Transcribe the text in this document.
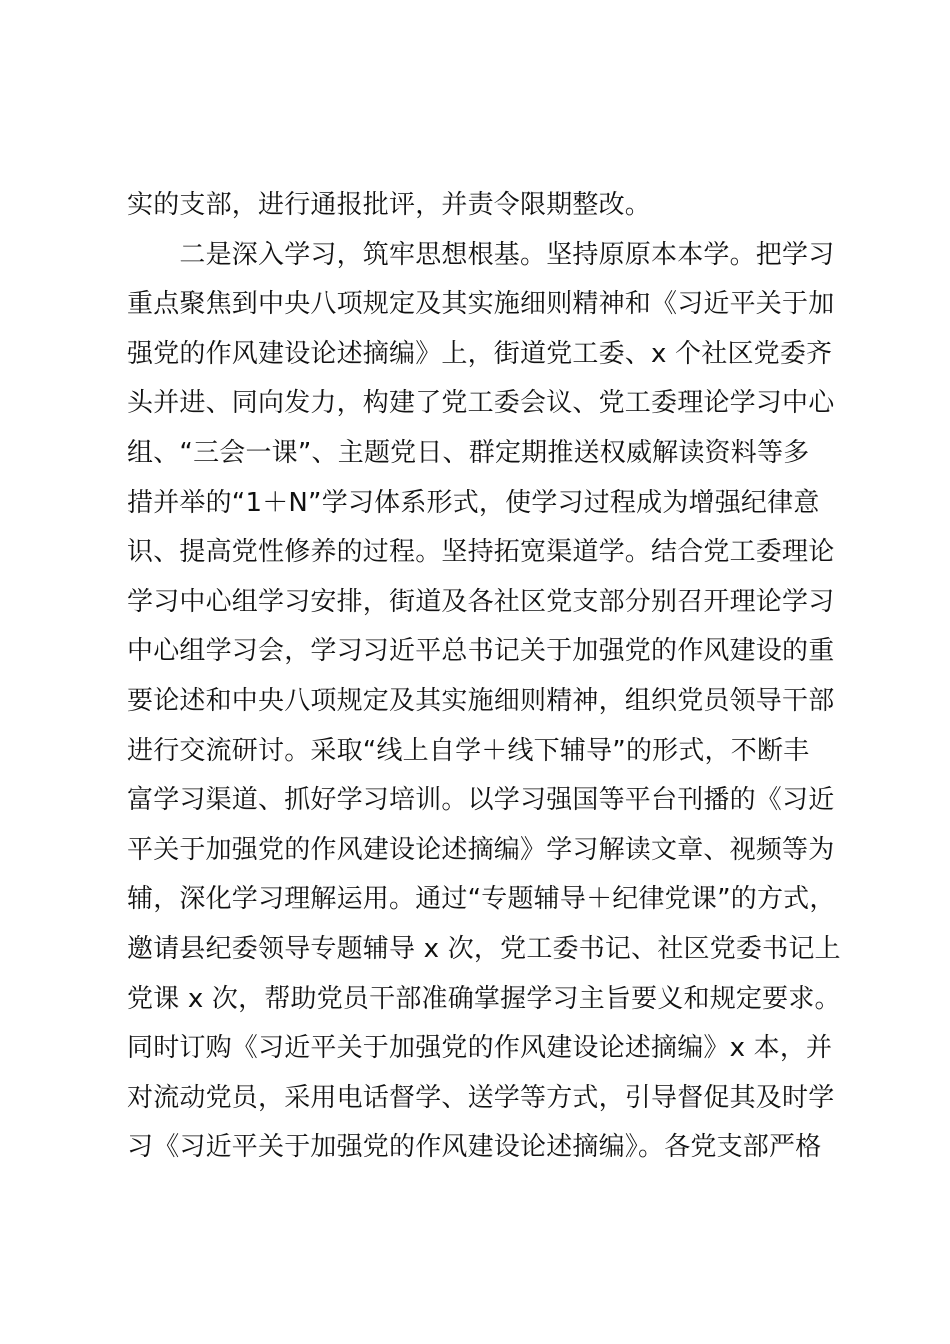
实的支部，进行通报批评，并责令限期整改。
　　二是深入学习，筑牢思想根基。坚持原原本本学。把学习
重点聚焦到中央八项规定及其实施细则精神和《习近平关于加
强党的作风建设论述摘编》上，街道党工委、x 个社区党委齐
头并进、同向发力，构建了党工委会议、党工委理论学习中心
组、“三会一课”、主题党日、群定期推送权威解读资料等多
措并举的“1＋N”学习体系形式，使学习过程成为增强纪律意
识、提高党性修养的过程。坚持拓宽渠道学。结合党工委理论
学习中心组学习安排，街道及各社区党支部分别召开理论学习
中心组学习会，学习习近平总书记关于加强党的作风建设的重
要论述和中央八项规定及其实施细则精神，组织党员领导干部
进行交流研讨。采取“线上自学＋线下辅导”的形式，不断丰
富学习渠道、抓好学习培训。以学习强国等平台刊播的《习近
平关于加强党的作风建设论述摘编》学习解读文章、视频等为
辅，深化学习理解运用。通过“专题辅导＋纪律党课”的方式，
邀请县纪委领导专题辅导 x 次，党工委书记、社区党委书记上
党课 x 次，帮助党员干部准确掌握学习主旨要义和规定要求。
同时订购《习近平关于加强党的作风建设论述摘编》x 本，并
对流动党员，采用电话督学、送学等方式，引导督促其及时学
习《习近平关于加强党的作风建设论述摘编》。各党支部严格
